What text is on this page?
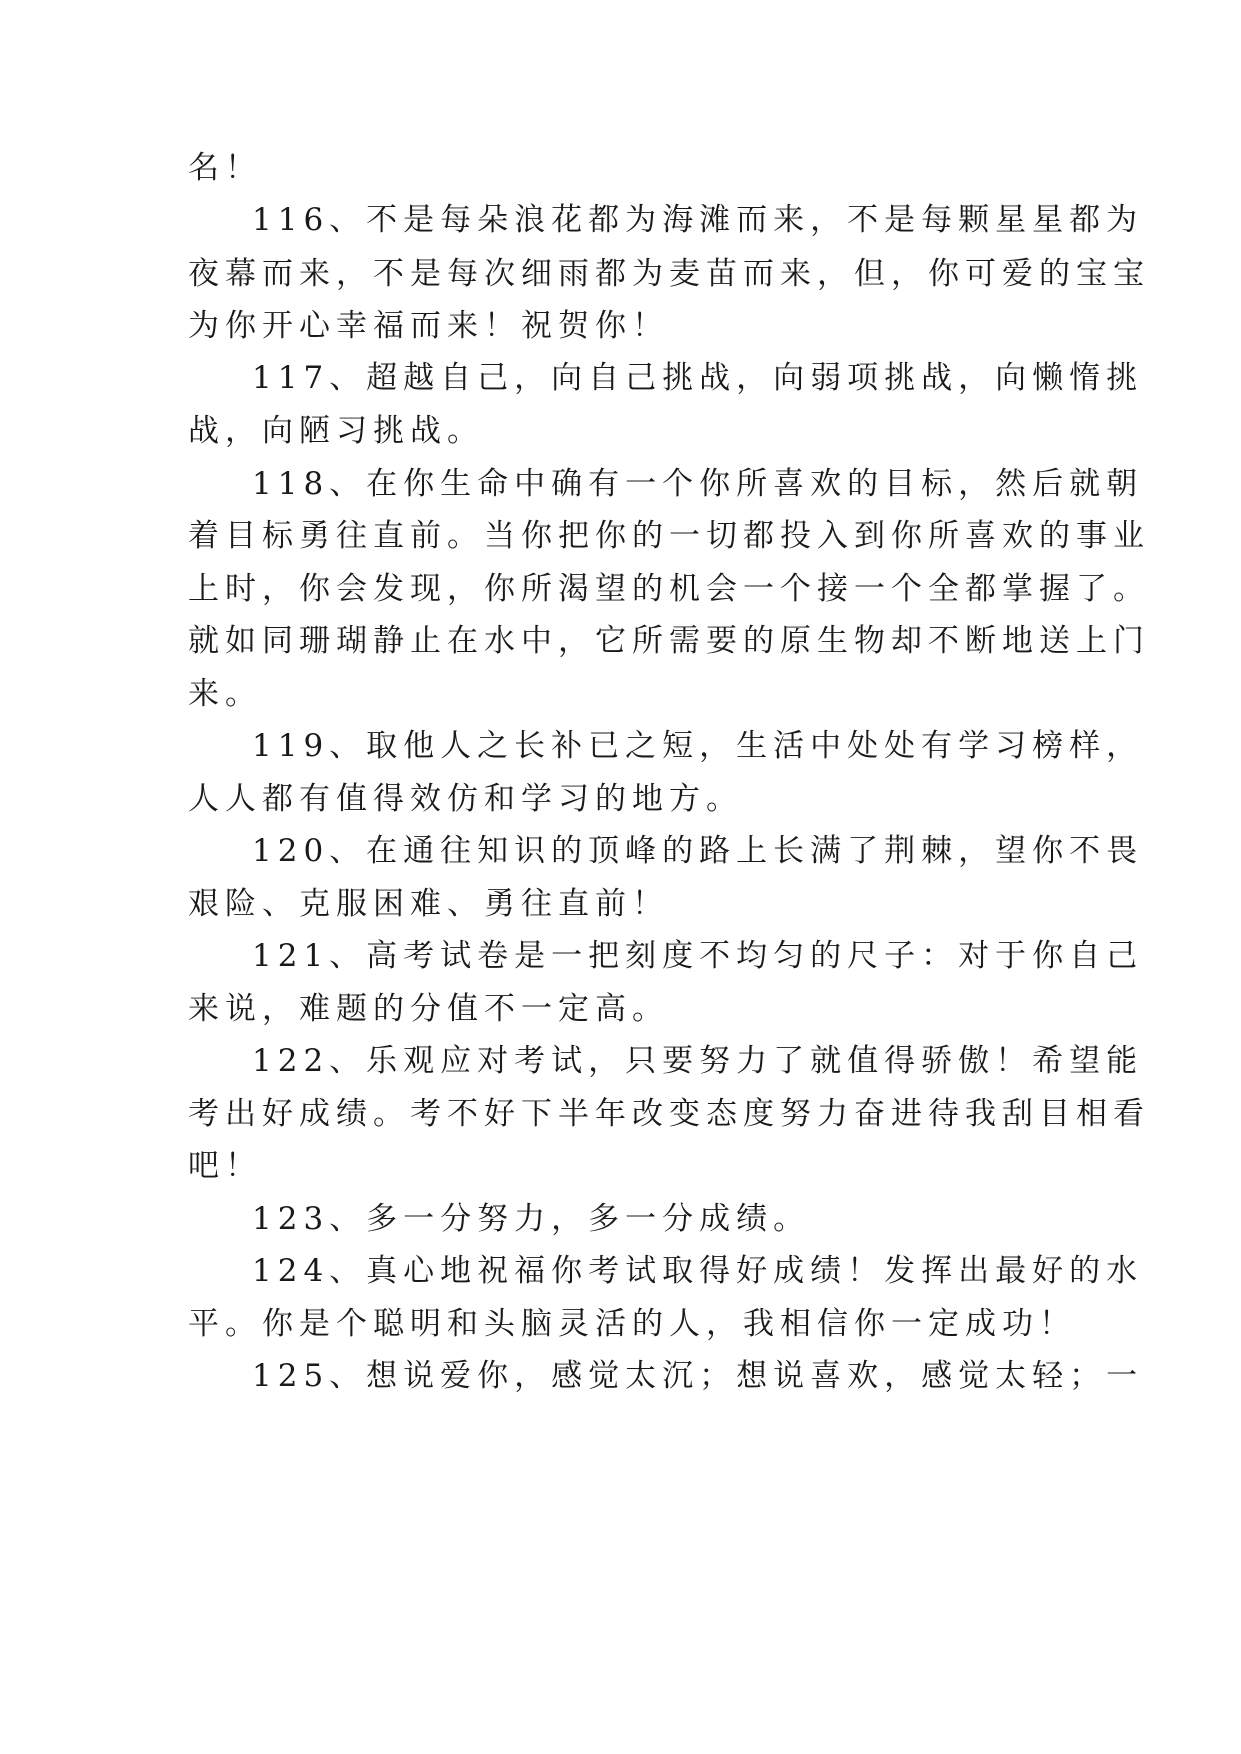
名！

116、不是每朵浪花都为海滩而来，不是每颗星星都为

夜幕而来，不是每次细雨都为麦苗而来，但，你可爱的宝宝

为你开心幸福而来！祝贺你！

117、超越自己，向自己挑战，向弱项挑战，向懒惰挑

战，向陋习挑战。

118、在你生命中确有一个你所喜欢的目标，然后就朝

着目标勇往直前。当你把你的一切都投入到你所喜欢的事业

上时，你会发现，你所渴望的机会一个接一个全都掌握了。

就如同珊瑚静止在水中，它所需要的原生物却不断地送上门

来。

119、取他人之长补已之短，生活中处处有学习榜样，

人人都有值得效仿和学习的地方。

120、在通往知识的顶峰的路上长满了荆棘，望你不畏

艰险、克服困难、勇往直前！

121、高考试卷是一把刻度不均匀的尺子：对于你自己

来说，难题的分值不一定高。

122、乐观应对考试，只要努力了就值得骄傲！希望能

考出好成绩。考不好下半年改变态度努力奋进待我刮目相看

吧！

123、多一分努力，多一分成绩。

124、真心地祝福你考试取得好成绩！发挥出最好的水

平。你是个聪明和头脑灵活的人，我相信你一定成功！

125、想说爱你，感觉太沉；想说喜欢，感觉太轻；一
